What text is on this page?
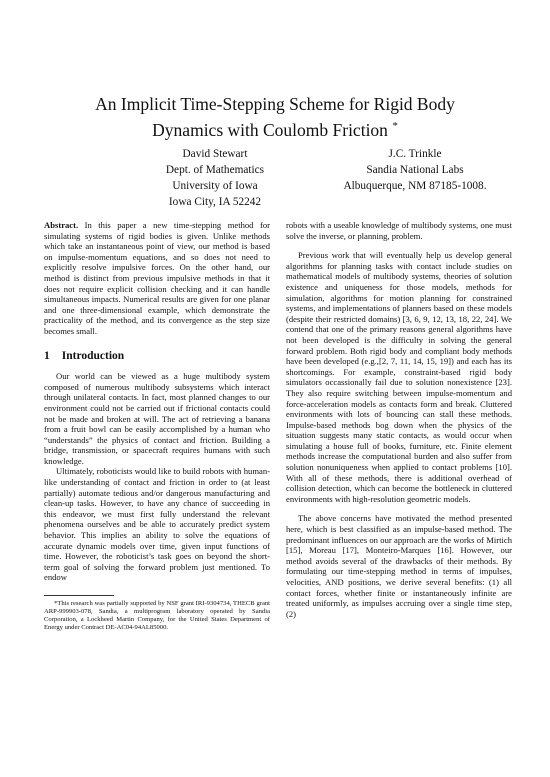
An Implicit Time-Stepping Scheme for Rigid Body
Dynamics with Coulomb Friction *
David Stewart
Dept. of Mathematics
University of Iowa
Iowa City, IA 52242
J.C. Trinkle
Sandia National Labs
Albuquerque, NM 87185-1008.

Abstract. In this paper a new time-stepping method for simulating systems of rigid bodies is given. Unlike methods which take an instantaneous point of view, our method is based on impulse-momentum equations, and so does not need to explicitly resolve impulsive forces. On the other hand, our method is distinct from previous impulsive methods in that it does not require explicit collision checking and it can handle simultaneous impacts. Numerical results are given for one planar and one three-dimensional example, which demonstrate the practicality of the method, and its convergence as the step size becomes small.

1 Introduction

Our world can be viewed as a huge multibody system composed of numerous multibody subsystems which interact through unilateral contacts. In fact, most planned changes to our environment could not be carried out if frictional contacts could not be made and broken at will. The act of retrieving a banana from a fruit bowl can be easily accomplished by a human who “understands” the physics of contact and friction. Building a bridge, transmission, or spacecraft requires humans with such knowledge.

Ultimately, roboticists would like to build robots with human-like understanding of contact and friction in order to (at least partially) automate tedious and/or dangerous manufacturing and clean-up tasks. However, to have any chance of succeeding in this endeavor, we must first fully understand the relevant phenomena ourselves and be able to accurately predict system behavior. This implies an ability to solve the equations of accurate dynamic models over time, given input functions of time. However, the roboticist’s task goes on beyond the short-term goal of solving the forward problem just mentioned. To endow

*This research was partially supported by NSF grant IRI-9304734, THECB grant ARP-999903-078, Sandia, a multiprogram laboratory operated by Sandia Corporation, a Lockheed Martin Company, for the United States Department of Energy under Contract DE-AC04-94AL85000.

robots with a useable knowledge of multibody systems, one must solve the inverse, or planning, problem.

Previous work that will eventually help us develop general algorithms for planning tasks with contact include studies on mathematical models of multibody systems, theories of solution existence and uniqueness for those models, methods for simulation, algorithms for motion planning for constrained systems, and implementations of planners based on these models (despite their restricted domains) [3, 6, 9, 12, 13, 18, 22, 24]. We contend that one of the primary reasons general algorithms have not been developed is the difficulty in solving the general forward problem. Both rigid body and compliant body methods have been developed (e.g.,[2, 7, 11, 14, 15, 19]) and each has its shortcomings. For example, constraint-based rigid body simulators occassionally fail due to solution nonexistence [23]. They also require switching between impulse-momentum and force-acceleration models as contacts form and break. Cluttered environments with lots of bouncing can stall these methods. Impulse-based methods bog down when the physics of the situation suggests many static contacts, as would occur when simulating a house full of books, furniture, etc. Finite element methods increase the computational burden and also suffer from solution nonuniqueness when applied to contact problems [10]. With all of these methods, there is additional overhead of collision detection, which can become the bottleneck in cluttered environments with high-resolution geometric models.

The above concerns have motivated the method presented here, which is best classified as an impulse-based method. The predominant influences on our approach are the works of Mirtich [15], Moreau [17], Monteiro-Marques [16]. However, our method avoids several of the drawbacks of their methods. By formulating our time-stepping method in terms of impulses, velocities, AND positions, we derive several benefits: (1) all contact forces, whether finite or instantaneously infinite are treated uniformly, as impulses accruing over a single time step, (2)
